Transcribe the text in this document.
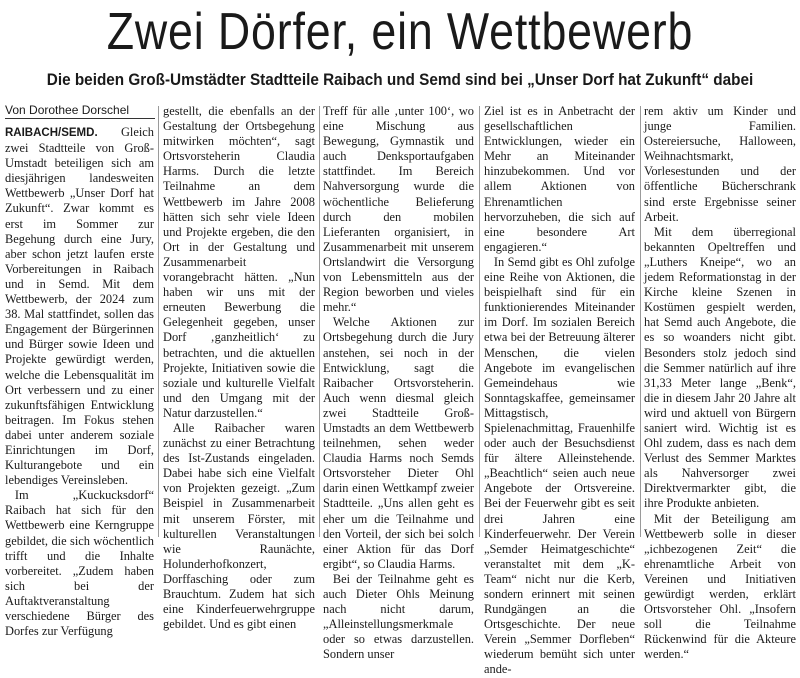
Zwei Dörfer, ein Wettbewerb
Die beiden Groß-Umstädter Stadtteile Raibach und Semd sind bei „Unser Dorf hat Zukunft“ dabei
Von Dorothee Dorschel

RAIBACH/SEMD. Gleich zwei Stadtteile von Groß-Umstadt beteiligen sich am diesjährigen landesweiten Wettbewerb „Unser Dorf hat Zukunft“. Zwar kommt es erst im Sommer zur Begehung durch eine Jury, aber schon jetzt laufen erste Vorbereitungen in Raibach und in Semd. Mit dem Wettbewerb, der 2024 zum 38. Mal stattfindet, sollen das Engagement der Bürgerinnen und Bürger sowie Ideen und Projekte gewürdigt werden, welche die Lebensqualität im Ort verbessern und zu einer zukunftsfähigen Entwicklung beitragen. Im Fokus stehen dabei unter anderem soziale Einrichtungen im Dorf, Kulturangebote und ein lebendiges Vereinsleben.

Im „Kuckucksdorf“ Raibach hat sich für den Wettbewerb eine Kerngruppe gebildet, die sich wöchentlich trifft und die Inhalte vorbereitet. „Zudem haben sich bei der Auftaktveranstaltung verschiedene Bürger des Dorfes zur Verfügung

gestellt, die ebenfalls an der Gestaltung der Ortsbegehung mitwirken möchten“, sagt Ortsvorsteherin Claudia Harms. Durch die letzte Teilnahme an dem Wettbewerb im Jahre 2008 hätten sich sehr viele Ideen und Projekte ergeben, die den Ort in der Gestaltung und Zusammenarbeit vorangebracht hätten. „Nun haben wir uns mit der erneuten Bewerbung die Gelegenheit gegeben, unser Dorf ‚ganzheitlich‘ zu betrachten, und die aktuellen Projekte, Initiativen sowie die soziale und kulturelle Vielfalt und den Umgang mit der Natur darzustellen.“

Alle Raibacher waren zunächst zu einer Betrachtung des Ist-Zustands eingeladen. Dabei habe sich eine Vielfalt von Projekten gezeigt. „Zum Beispiel in Zusammenarbeit mit unserem Förster, mit kulturellen Veranstaltungen wie Raunächte, Holunderhofkonzert, Dorffasching oder zum Brauchtum. Zudem hat sich eine Kinderfeuerwehrgruppe gebildet. Und es gibt einen

Treff für alle ‚unter 100‘, wo eine Mischung aus Bewegung, Gymnastik und auch Denksportaufgaben stattfindet. Im Bereich Nahversorgung wurde die wöchentliche Belieferung durch den mobilen Lieferanten organisiert, in Zusammenarbeit mit unserem Ortslandwirt die Versorgung von Lebensmitteln aus der Region beworben und vieles mehr.“

Welche Aktionen zur Ortsbegehung durch die Jury anstehen, sei noch in der Entwicklung, sagt die Raibacher Ortsvorsteherin. Auch wenn diesmal gleich zwei Stadtteile Groß-Umstadts an dem Wettbewerb teilnehmen, sehen weder Claudia Harms noch Semds Ortsvorsteher Dieter Ohl darin einen Wettkampf zweier Stadtteile. „Uns allen geht es eher um die Teilnahme und den Vorteil, der sich bei solch einer Aktion für das Dorf ergibt“, so Claudia Harms.

Bei der Teilnahme geht es auch Dieter Ohls Meinung nach nicht darum, „Alleinstellungsmerkmale oder so etwas darzustellen. Sondern unser

Ziel ist es in Anbetracht der gesellschaftlichen Entwicklungen, wieder ein Mehr an Miteinander hinzubekommen. Und vor allem Aktionen von Ehrenamtlichen hervorzuheben, die sich auf eine besondere Art engagieren.“

In Semd gibt es Ohl zufolge eine Reihe von Aktionen, die beispielhaft sind für ein funktionierendes Miteinander im Dorf. Im sozialen Bereich etwa bei der Betreuung älterer Menschen, die vielen Angebote im evangelischen Gemeindehaus wie Sonntagskaffee, gemeinsamer Mittagstisch, Spielenachmittag, Frauenhilfe oder auch der Besuchsdienst für ältere Alleinstehende. „Beachtlich“ seien auch neue Angebote der Ortsvereine. Bei der Feuerwehr gibt es seit drei Jahren eine Kinderfeuerwehr. Der Verein „Semder Heimatgeschichte“ veranstaltet mit dem „K-Team“ nicht nur die Kerb, sondern erinnert mit seinen Rundgängen an die Ortsgeschichte. Der neue Verein „Semmer Dorfleben“ wiederum bemüht sich unter ande-

rem aktiv um Kinder und junge Familien. Ostereiersuche, Halloween, Weihnachtsmarkt, Vorlesestunden und der öffentliche Bücherschrank sind erste Ergebnisse seiner Arbeit.

Mit dem überregional bekannten Opeltreffen und „Luthers Kneipe“, wo an jedem Reformationstag in der Kirche kleine Szenen in Kostümen gespielt werden, hat Semd auch Angebote, die es so woanders nicht gibt. Besonders stolz jedoch sind die Semmer natürlich auf ihre 31,33 Meter lange „Benk“, die in diesem Jahr 20 Jahre alt wird und aktuell von Bürgern saniert wird. Wichtig ist es Ohl zudem, dass es nach dem Verlust des Semmer Marktes als Nahversorger zwei Direktvermarkter gibt, die ihre Produkte anbieten.

Mit der Beteiligung am Wettbewerb solle in dieser „ichbezogenen Zeit“ die ehrenamtliche Arbeit von Vereinen und Initiativen gewürdigt werden, erklärt Ortsvorsteher Ohl. „Insofern soll die Teilnahme Rückenwind für die Akteure werden.“
